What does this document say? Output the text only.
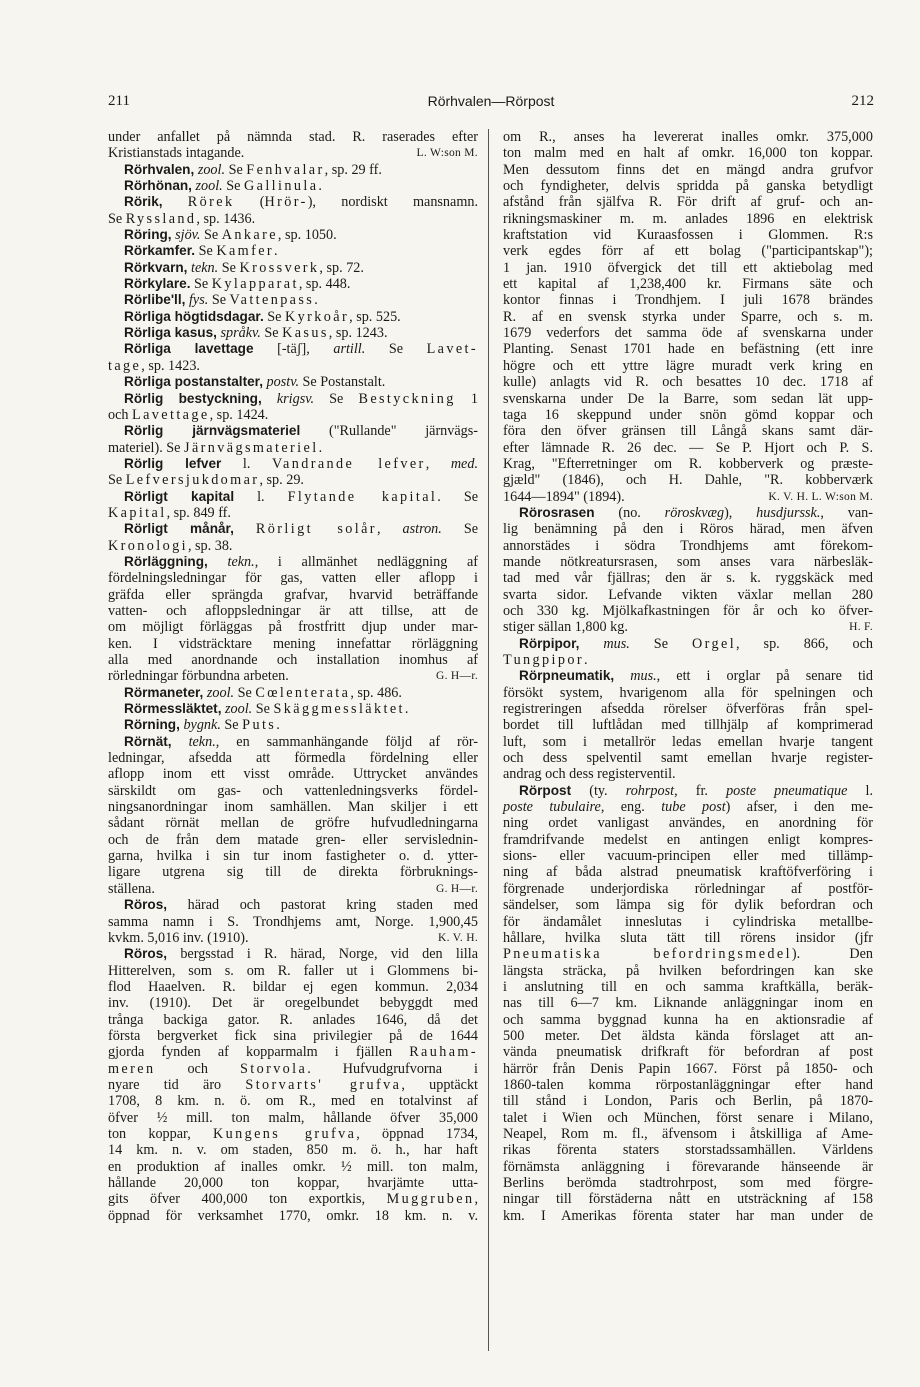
211	Rörhvalen—Rörpost	212
under anfallet på nämnda stad. R. raserades efter
Kristianstads intagande.	L. W:son M.
Rörhvalen, zool. Se Fenhvalar, sp. 29 ff.
Rörhönan, zool. Se Gallinula.
Rörik, Rörek (Hrör-), nordiskt mansnamn.
Se Ryssland, sp. 1436.
Röring, sjöv. Se Ankare, sp. 1050.
Rörkamfer. Se Kamfer.
Rörkvarn, tekn. Se Krossverk, sp. 72.
Rörkylare. Se Kylapparat, sp. 448.
Rörlibe'll, fys. Se Vattenpass.
Rörliga högtidsdagar. Se Kyrkoår, sp. 525.
Rörliga kasus, språkv. Se Kasus, sp. 1243.
Rörliga lavettage [-täʃ], artill. Se Lavet-
tage, sp. 1423.
Rörliga postanstalter, postv. Se Postanstalt.
Rörlig bestyckning, krigsv. Se Bestyckning 1
och Lavettage, sp. 1424.
Rörlig järnvägsmateriel ("Rullande" järnvägs-
materiel). Se Järnvägsmateriel.
Rörlig lefver l. Vandrande lefver, med.
Se Lefversjukdomar, sp. 29.
Rörligt kapital l. Flytande kapital. Se
Kapital, sp. 849 ff.
Rörligt månår, Rörligt solår, astron. Se
Kronologi, sp. 38.
Rörläggning, tekn., i allmänhet nedläggning af
fördelningsledningar för gas, vatten eller aflopp i
gräfda eller sprängda grafvar, hvarvid beträffande
vatten- och afloppsledningar är att tillse, att de
om möjligt förläggas på frostfritt djup under mar-
ken. I vidsträcktare mening innefattar rörläggning
alla med anordnande och installation inomhus af
rörledningar förbundna arbeten.	G. H—r.
Rörmaneter, zool. Se Cœlenterata, sp. 486.
Rörmessläktet, zool. Se Skäggmessläktet.
Rörning, bygnk. Se Puts.
Rörnät, tekn., en sammanhängande följd af rör-
ledningar, afsedda att förmedla fördelning eller
aflopp inom ett visst område. Uttrycket användes
särskildt om gas- och vattenledningsverks fördel-
ningsanordningar inom samhällen. Man skiljer i ett
sådant rörnät mellan de gröfre hufvudledningarna
och de från dem matade gren- eller servislednin-
garna, hvilka i sin tur inom fastigheter o. d. ytter-
ligare utgrena sig till de direkta förbruknings-
ställena.	G. H—r.
Röros, härad och pastorat kring staden med
samma namn i S. Trondhjems amt, Norge. 1,900,45
kvkm. 5,016 inv. (1910).	K. V. H.
Röros, bergsstad i R. härad, Norge, vid den lilla
Hitterelven, som s. om R. faller ut i Glommens bi-
flod Haaelven. R. bildar ej egen kommun. 2,034
inv. (1910). Det är oregelbundet bebyggdt med
trånga backiga gator. R. anlades 1646, då det
första bergverket fick sina privilegier på de 1644
gjorda fynden af kopparmalm i fjällen Rauham-
meren och Storvola. Hufvudgrufvorna i
nyare tid äro Storvarts' grufva, upptäckt
1708, 8 km. n. ö. om R., med en totalvinst af
öfver ½ mill. ton malm, hållande öfver 35,000
ton koppar, Kungens grufva, öppnad 1734,
14 km. n. v. om staden, 850 m. ö. h., har haft
en produktion af inalles omkr. ½ mill. ton malm,
hållande 20,000 ton koppar, hvarjämte utta-
gits öfver 400,000 ton exportkis, Muggruben,
öppnad för verksamhet 1770, omkr. 18 km. n. v.
om R., anses ha levererat inalles omkr. 375,000
ton malm med en halt af omkr. 16,000 ton koppar.
Men dessutom finns det en mängd andra grufvor
och fyndigheter, delvis spridda på ganska betydligt
afstånd från själfva R. För drift af gruf- och an-
rikningsmaskiner m. m. anlades 1896 en elektrisk
kraftstation vid Kuraasfossen i Glommen. R:s
verk egdes förr af ett bolag ("participantskap");
1 jan. 1910 öfvergick det till ett aktiebolag med
ett kapital af 1,238,400 kr. Firmans säte och
kontor finnas i Trondhjem. I juli 1678 brändes
R. af en svensk styrka under Sparre, och s. m.
1679 vederfors det samma öde af svenskarna under
Planting. Senast 1701 hade en befästning (ett inre
högre och ett yttre lägre muradt verk kring en
kulle) anlagts vid R. och besattes 10 dec. 1718 af
svenskarna under De la Barre, som sedan lät upp-
taga 16 skeppund under snön gömd koppar och
föra den öfver gränsen till Långå skans samt där-
efter lämnade R. 26 dec. — Se P. Hjort och P. S.
Krag, "Efterretninger om R. kobberverk og præste-
gjæld" (1846), och H. Dahle, "R. kobberværk
1644—1894" (1894).	K. V. H. L. W:son M.
Rörosrasen (no. röroskvæg), husdjurssk., van-
lig benämning på den i Röros härad, men äfven
annorstädes i södra Trondhjems amt förekom-
mande nötkreatursrasen, som anses vara närbesläk-
tad med vår fjällras; den är s. k. ryggskäck med
svarta sidor. Lefvande vikten växlar mellan 280
och 330 kg. Mjölkafkastningen för år och ko öfver-
stiger sällan 1,800 kg.	H. F.
Rörpipor, mus. Se Orgel, sp. 866, och
Tungpipor.
Rörpneumatik, mus., ett i orglar på senare tid
försökt system, hvarigenom alla för spelningen och
registreringen afsedda rörelser öfverföras från spel-
bordet till luftlådan med tillhjälp af komprimerad
luft, som i metallrör ledas emellan hvarje tangent
och dess spelventil samt emellan hvarje register-
andrag och dess registerventil.
Rörpost (ty. rohrpost, fr. poste pneumatique l.
poste tubulaire, eng. tube post) afser, i den me-
ning ordet vanligast användes, en anordning för
framdrifvande medelst en antingen enligt kompres-
sions- eller vacuum-principen eller med tillämp-
ning af båda alstrad pneumatisk kraftöfverföring i
förgrenade underjordiska rörledningar af postför-
sändelser, som lämpa sig för dylik befordran och
för ändamålet inneslutas i cylindriska metallbe-
hållare, hvilka sluta tätt till rörens insidor (jfr
Pneumatiska befordringsmedel). Den
längsta sträcka, på hvilken befordringen kan ske
i anslutning till en och samma kraftkälla, beräk-
nas till 6—7 km. Liknande anläggningar inom en
och samma byggnad kunna ha en aktionsradie af
500 meter. Det äldsta kända förslaget att an-
vända pneumatisk drifkraft för befordran af post
härrör från Denis Papin 1667. Först på 1850- och
1860-talen komma rörpostanläggningar efter hand
till stånd i London, Paris och Berlin, på 1870-
talet i Wien och München, först senare i Milano,
Neapel, Rom m. fl., äfvensom i åtskilliga af Ame-
rikas förenta staters storstadssamhällen. Världens
förnämsta anläggning i förevarande hänseende är
Berlins berömda stadtrohrpost, som med förgre-
ningar till förstäderna nått en utsträckning af 158
km. I Amerikas förenta stater har man under de
